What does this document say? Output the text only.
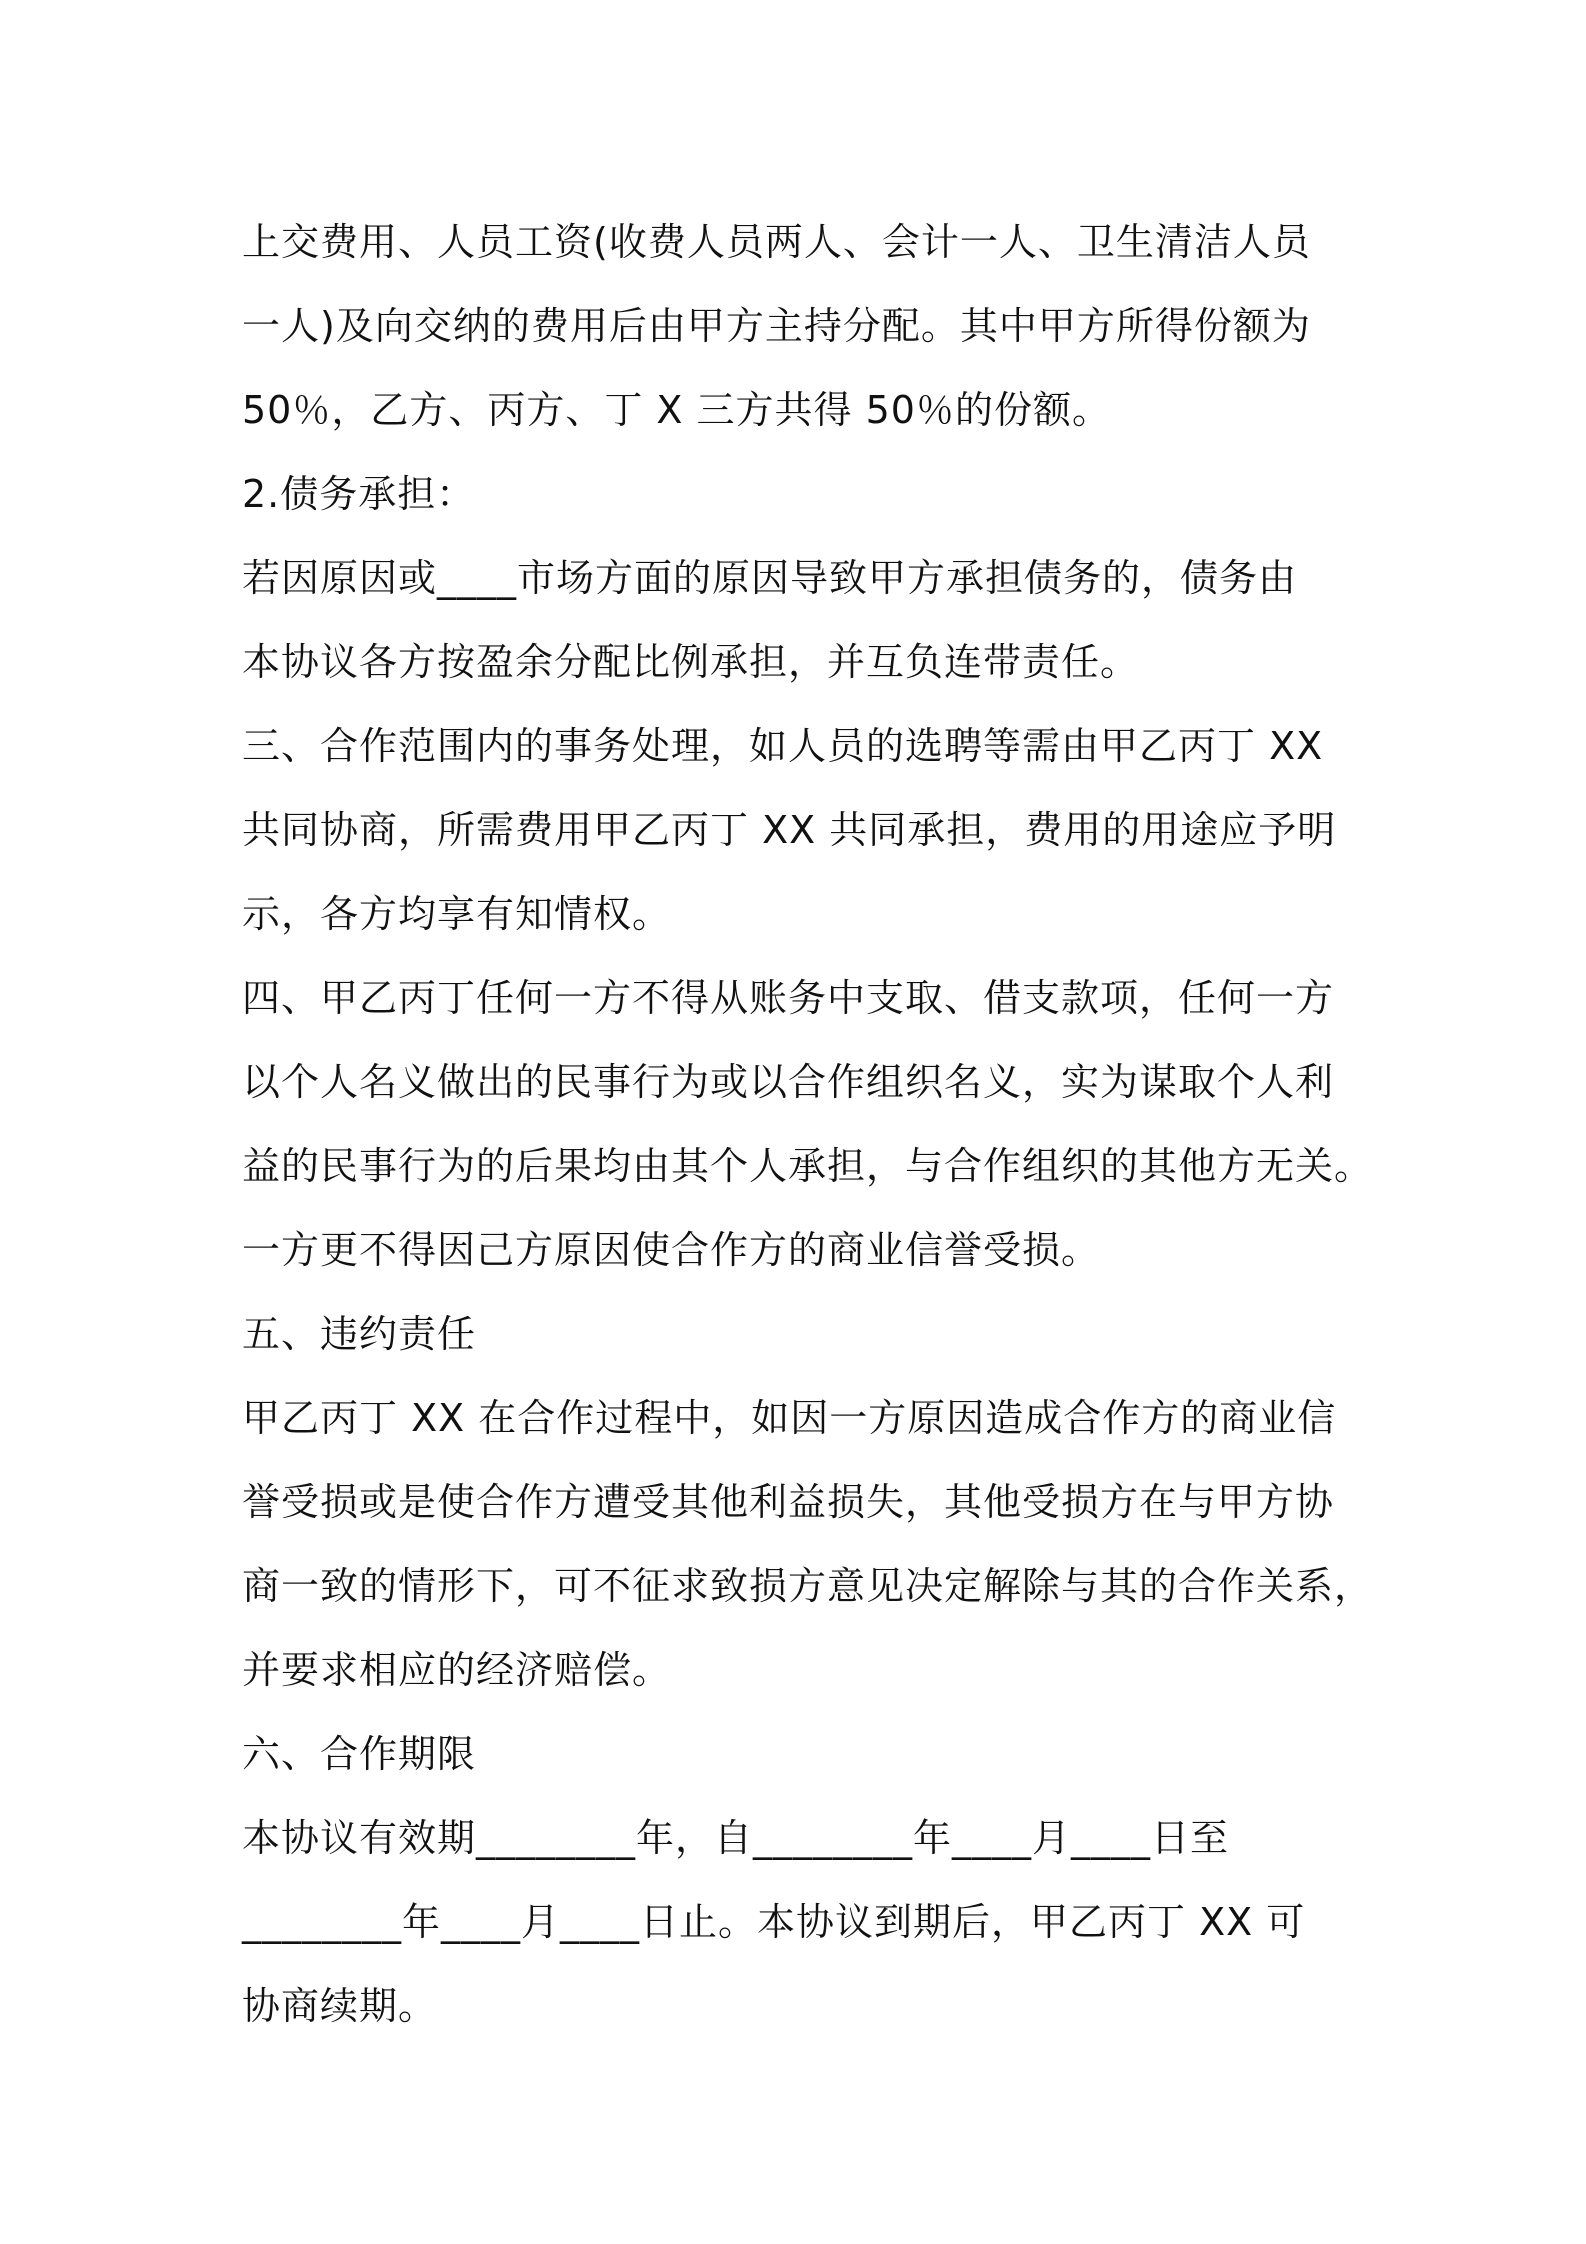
上交费用、人员工资(收费人员两人、会计一人、卫生清洁人员
一人)及向交纳的费用后由甲方主持分配。其中甲方所得份额为
50％，乙方、丙方、丁 X 三方共得 50％的份额。
2.债务承担：
若因原因或____市场方面的原因导致甲方承担债务的，债务由
本协议各方按盈余分配比例承担，并互负连带责任。
三、合作范围内的事务处理，如人员的选聘等需由甲乙丙丁 XX
共同协商，所需费用甲乙丙丁 XX 共同承担，费用的用途应予明
示，各方均享有知情权。
四、甲乙丙丁任何一方不得从账务中支取、借支款项，任何一方
以个人名义做出的民事行为或以合作组织名义，实为谋取个人利
益的民事行为的后果均由其个人承担，与合作组织的其他方无关。
一方更不得因己方原因使合作方的商业信誉受损。
五、违约责任
甲乙丙丁 XX 在合作过程中，如因一方原因造成合作方的商业信
誉受损或是使合作方遭受其他利益损失，其他受损方在与甲方协
商一致的情形下，可不征求致损方意见决定解除与其的合作关系，
并要求相应的经济赔偿。
六、合作期限
本协议有效期________年，自________年____月____日至
________年____月____日止。本协议到期后，甲乙丙丁 XX 可
协商续期。
